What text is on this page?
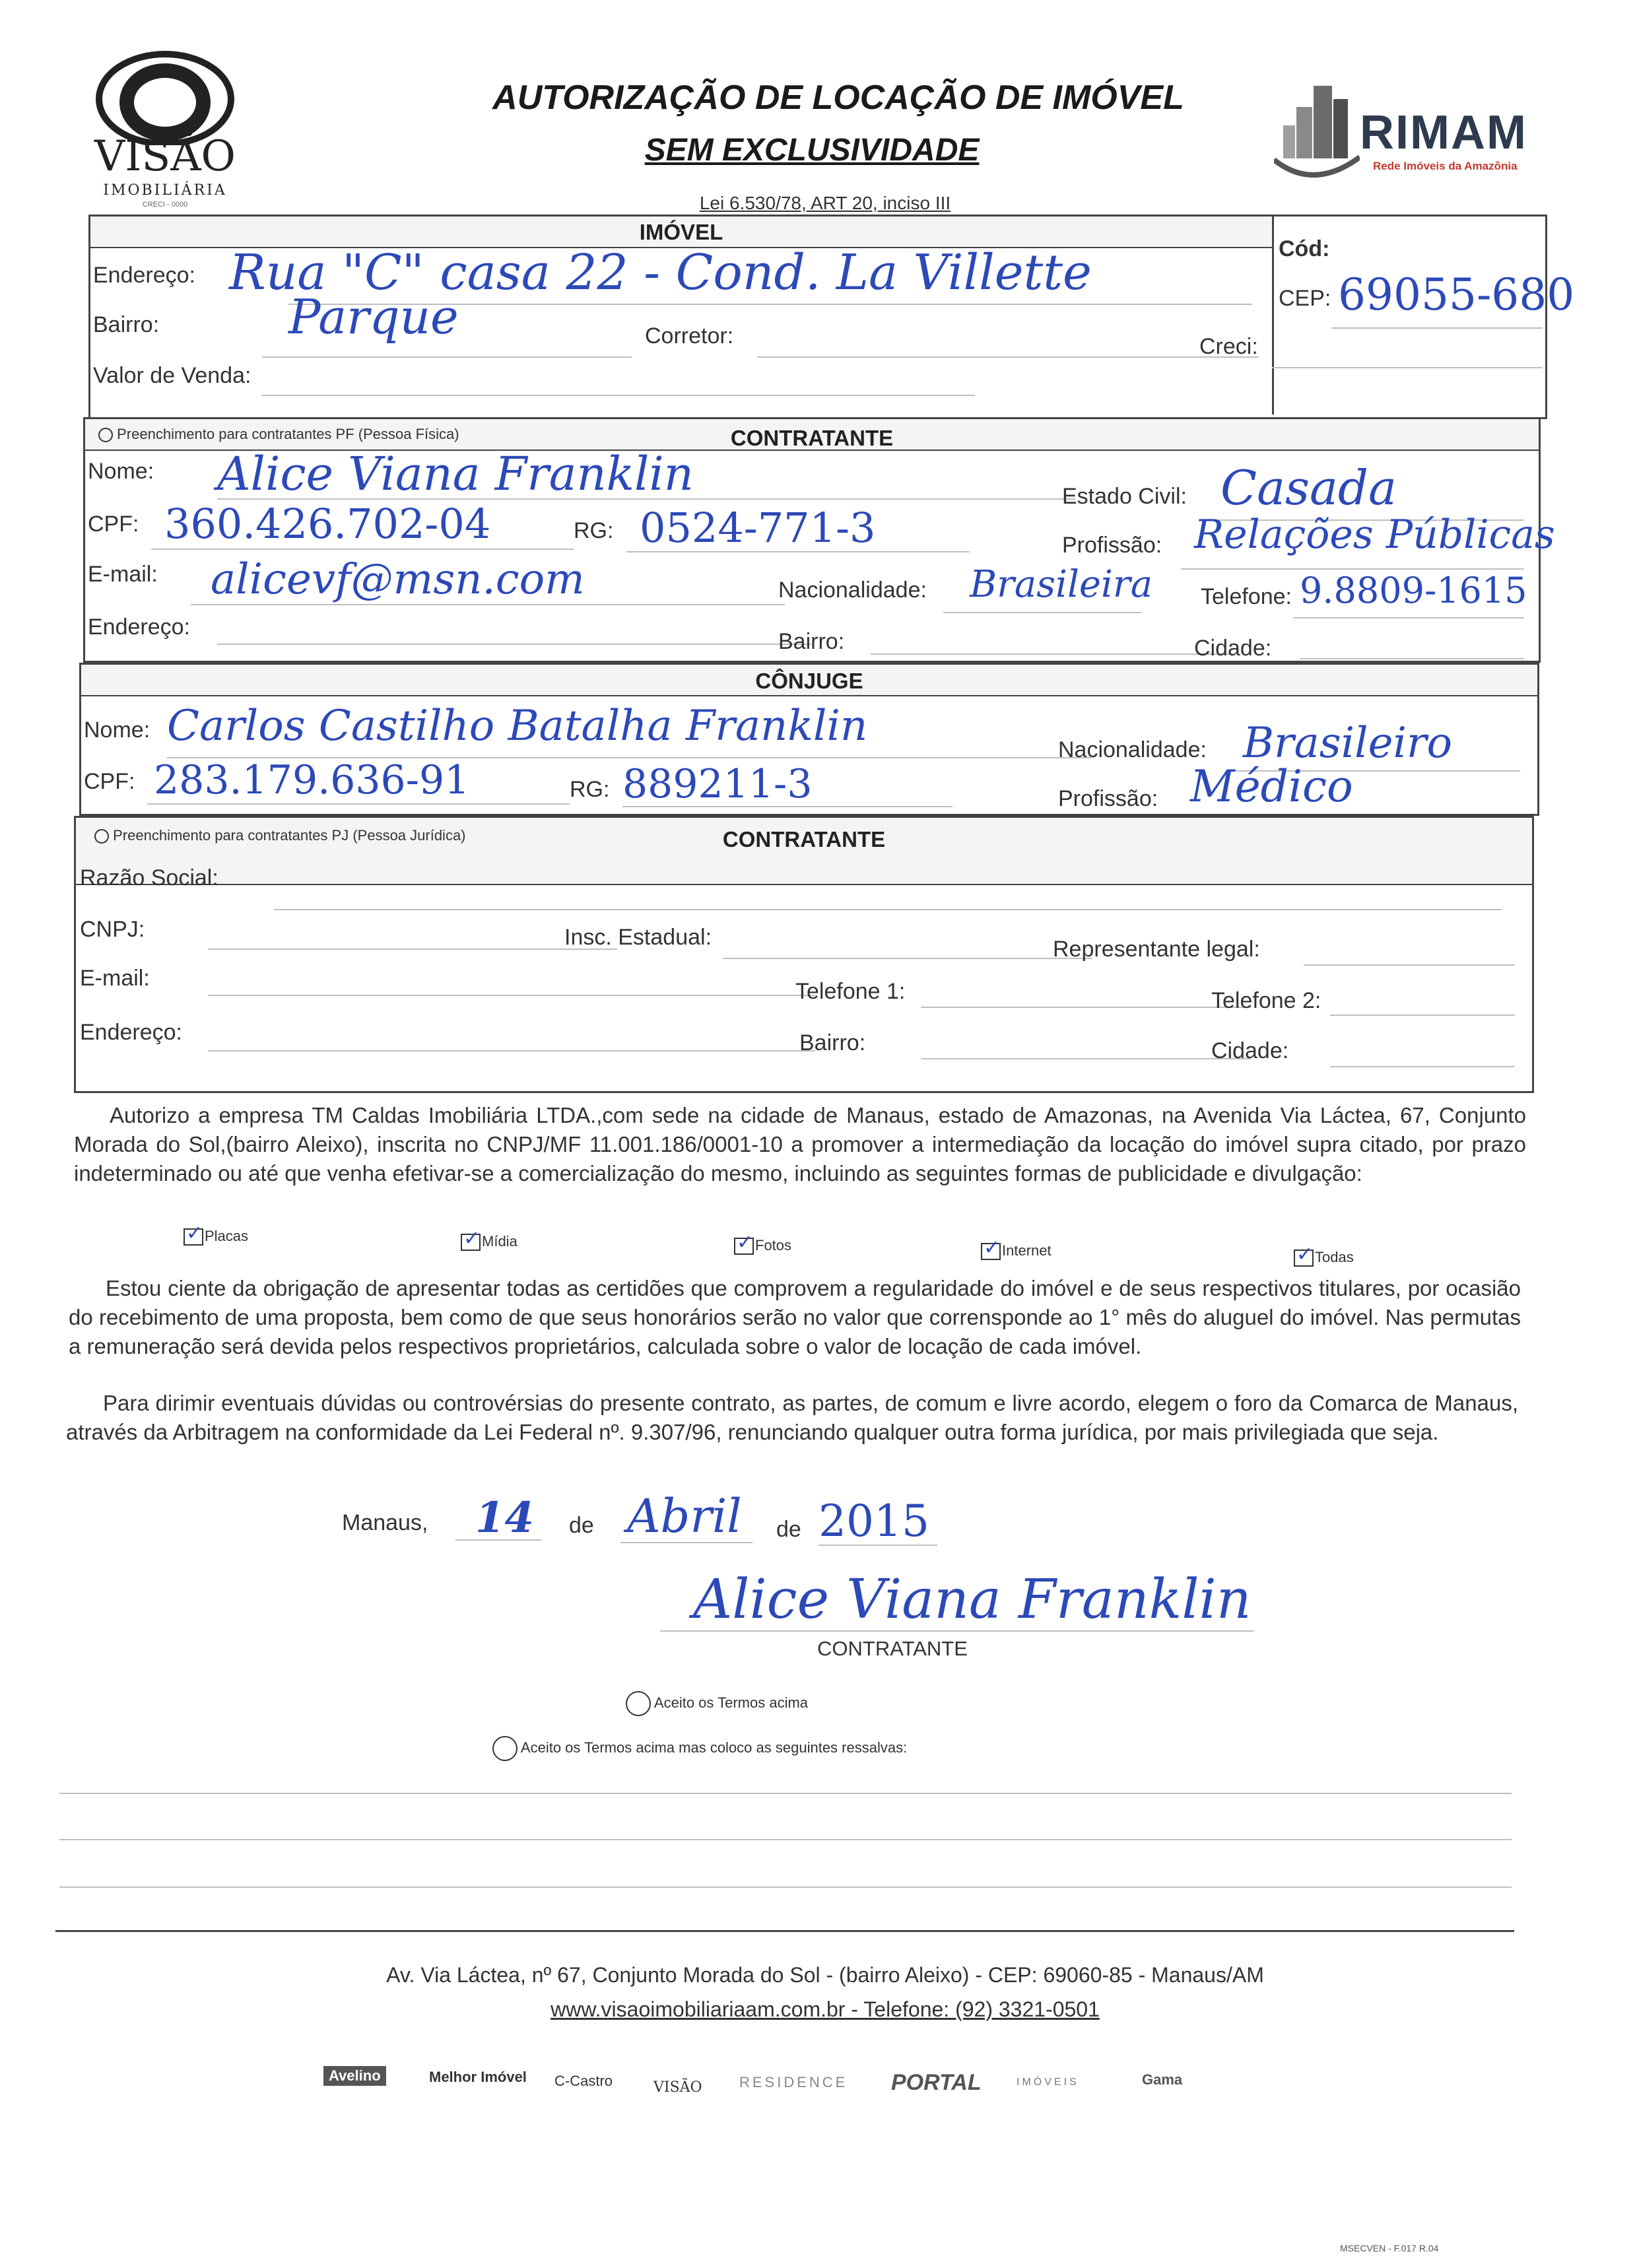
VISÃO
IMOBILIÁRIA
CRECI - 0000
AUTORIZAÇÃO DE LOCAÇÃO DE IMÓVEL
SEM EXCLUSIVIDADE
Lei 6.530/78, ART 20, inciso III
RIMAM
Rede Imóveis da Amazônia
IMÓVEL
Cód:
Endereço: Rua "C" casa 22 - Cond. La Villette	CEP: 69055-680
Bairro:	Parque	Corretor:	Creci:
Valor de Venda:
Preenchimento para contratantes PF (Pessoa Física)	CONTRATANTE
Nome: Alice Viana Franklin	Estado Civil: Casada
CPF: 360.426.702-04	RG: 0524-771-3	Profissão: Relações Públicas
E-mail: alicevf@msn.com	Nacionalidade: Brasileira Telefone: 9.8809-1615
Endereço:
Bairro:	Cidade:
CÔNJUGE
Nome: Carlos Castilho Batalha Franklin	Nacionalidade: Brasileiro
CPF: 283.179.636-91	RG: 889211-3	Profissão: Médico
Preenchimento para contratantes PJ (Pessoa Jurídica)	CONTRATANTE
Razão Social:
CNPJ:	Insc. Estadual:	Representante legal:
E-mail:
Telefone 1:	Telefone 2:
Endereço:	Bairro:	Cidade:
Autorizo a empresa TM Caldas Imobiliária LTDA.,com sede na cidade de Manaus, estado de Amazonas, na Avenida Via Láctea, 67, Conjunto Morada do Sol,(bairro Aleixo), inscrita no CNPJ/MF 11.001.186/0001-10 a promover a intermediação da locação do imóvel supra citado, por prazo indeterminado ou até que venha efetivar-se a comercialização do mesmo, incluindo as seguintes formas de publicidade e divulgação:
✓Placas ✓	Mídia ✓	Fotos ✓	Internet ✓	Todas
Estou ciente da obrigação de apresentar todas as certidões que comprovem a regularidade do imóvel e de seus respectivos titulares, por ocasião do recebimento de uma proposta, bem como de que seus honorários serão no valor que corrensponde ao 1° mês do aluguel do imóvel. Nas permutas a remuneração será devida pelos respectivos proprietários, calculada sobre o valor de locação de cada imóvel.
Para dirimir eventuais dúvidas ou controvérsias do presente contrato, as partes, de comum e livre acordo, elegem o foro da Comarca de Manaus, através da Arbitragem na conformidade da Lei Federal nº. 9.307/96, renunciando qualquer outra forma jurídica, por mais privilegiada que seja.
Manaus, 14 de Abril de 2015
Alice Viana Franklin
CONTRATANTE
Aceito os Termos acima
Aceito os Termos acima mas coloco as seguintes ressalvas:
Av. Via Láctea, nº 67, Conjunto Morada do Sol - (bairro Aleixo) - CEP: 69060-85 - Manaus/AM
www.visaoimobiliariaam.com.br - Telefone: (92) 3321-0501
Avelino	Melhor Imóvel C-Castro	VISÃO	RESIDENCE PORTAL	IMÓVEIS	Gama
MSECVEN - F.017 R.04
